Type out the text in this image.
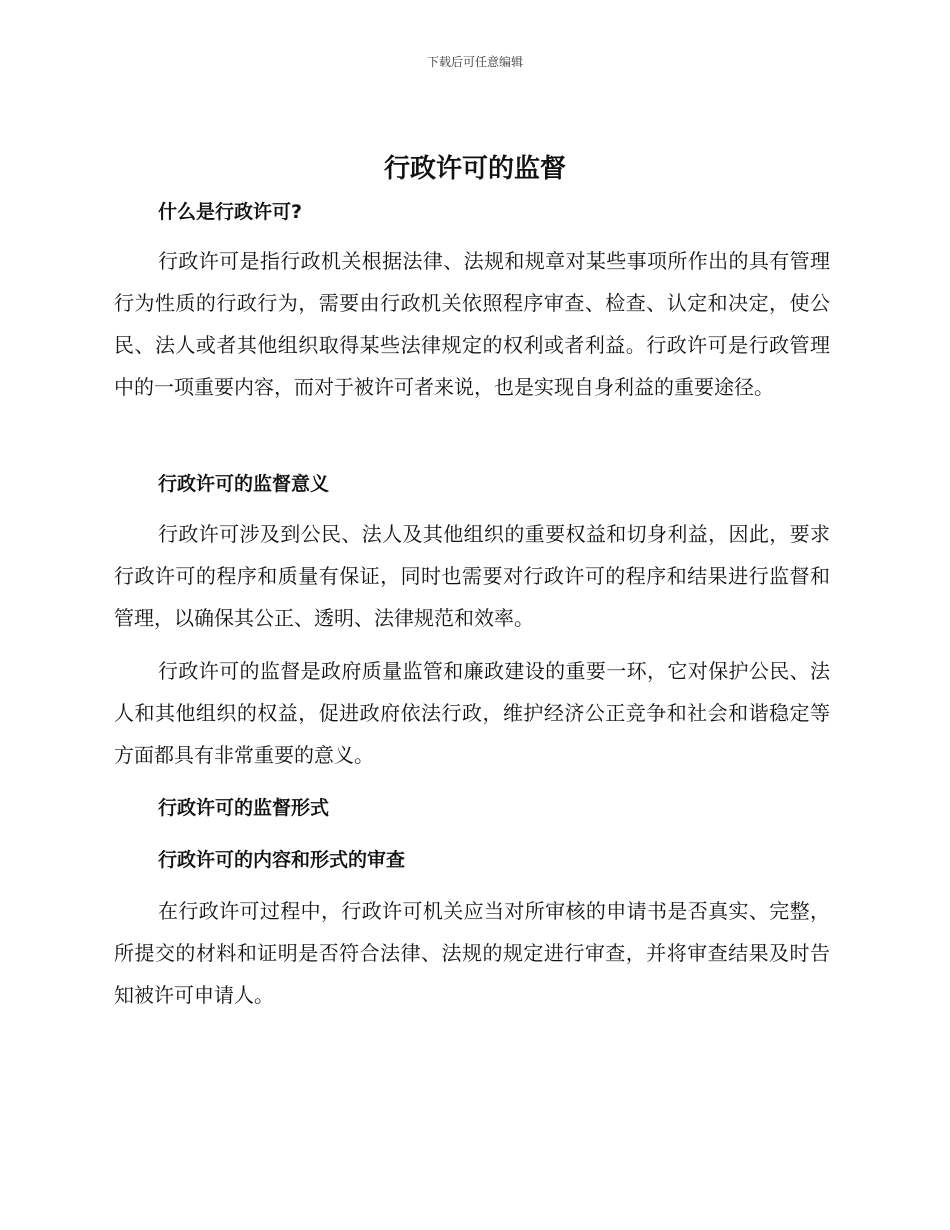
下载后可任意编辑
行政许可的监督
什么是行政许可?

行政许可是指行政机关根据法律、法规和规章对某些事项所作出的具有管理行为性质的行政行为，需要由行政机关依照程序审查、检查、认定和决定，使公民、法人或者其他组织取得某些法律规定的权利或者利益。行政许可是行政管理中的一项重要内容，而对于被许可者来说，也是实现自身利益的重要途径。

行政许可的监督意义

行政许可涉及到公民、法人及其他组织的重要权益和切身利益，因此，要求行政许可的程序和质量有保证，同时也需要对行政许可的程序和结果进行监督和管理，以确保其公正、透明、法律规范和效率。

行政许可的监督是政府质量监管和廉政建设的重要一环，它对保护公民、法人和其他组织的权益，促进政府依法行政，维护经济公正竞争和社会和谐稳定等方面都具有非常重要的意义。

行政许可的监督形式
行政许可的内容和形式的审查

在行政许可过程中，行政许可机关应当对所审核的申请书是否真实、完整，所提交的材料和证明是否符合法律、法规的规定进行审查，并将审查结果及时告知被许可申请人。
